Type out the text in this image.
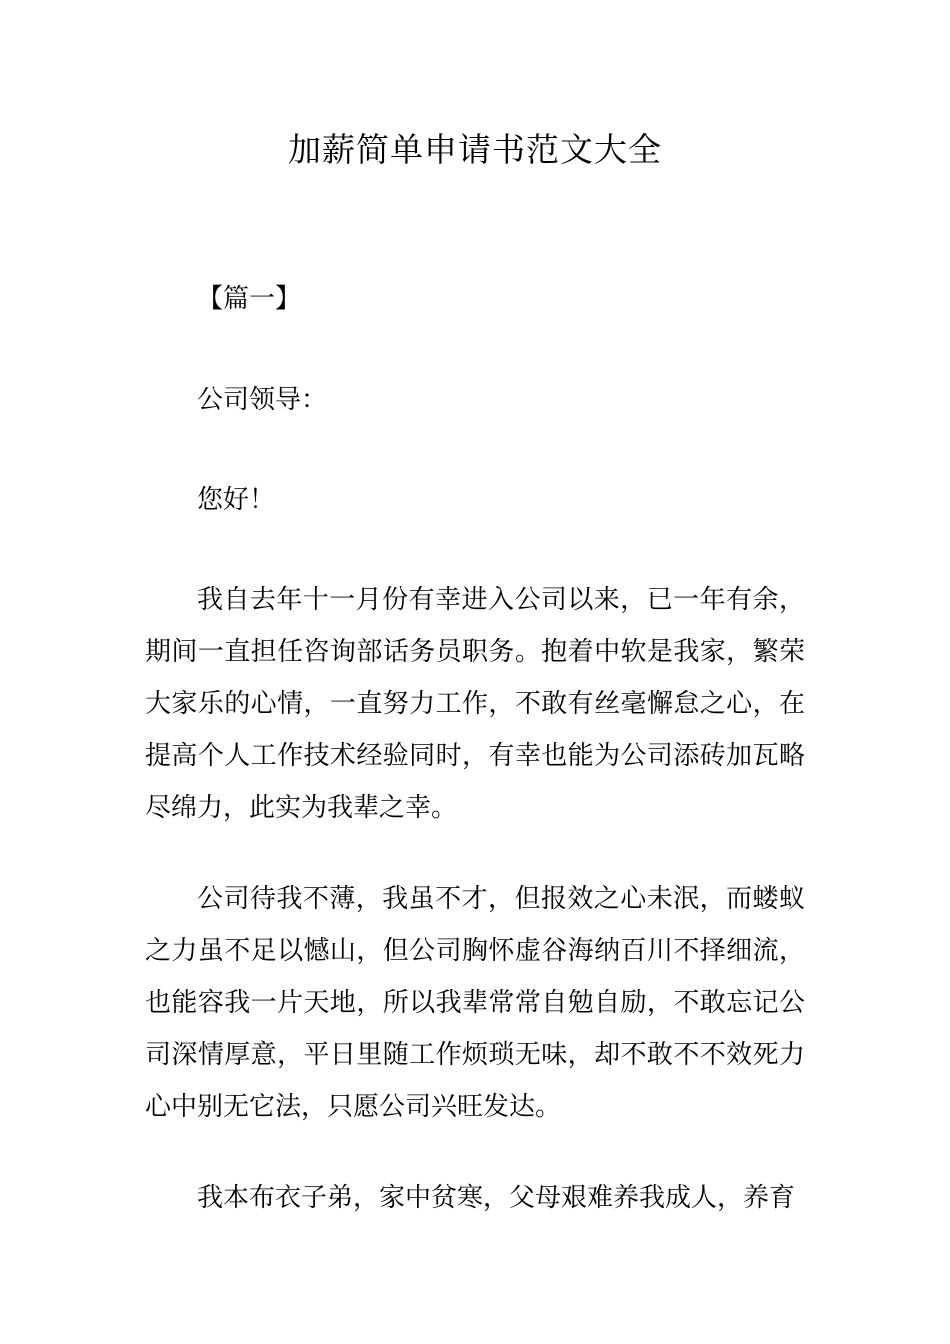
加薪简单申请书范文大全

【篇一】

公司领导：

您好！

我自去年十一月份有幸进入公司以来，已一年有余，期间一直担任咨询部话务员职务。抱着中软是我家，繁荣大家乐的心情，一直努力工作，不敢有丝毫懈怠之心，在提高个人工作技术经验同时，有幸也能为公司添砖加瓦略尽绵力，此实为我辈之幸。

公司待我不薄，我虽不才，但报效之心未泯，而蝼蚁之力虽不足以憾山，但公司胸怀虚谷海纳百川不择细流，也能容我一片天地，所以我辈常常自勉自励，不敢忘记公司深情厚意，平日里随工作烦琐无味，却不敢不不效死力心中别无它法，只愿公司兴旺发达。

我本布衣子弟，家中贫寒，父母艰难养我成人，养育
